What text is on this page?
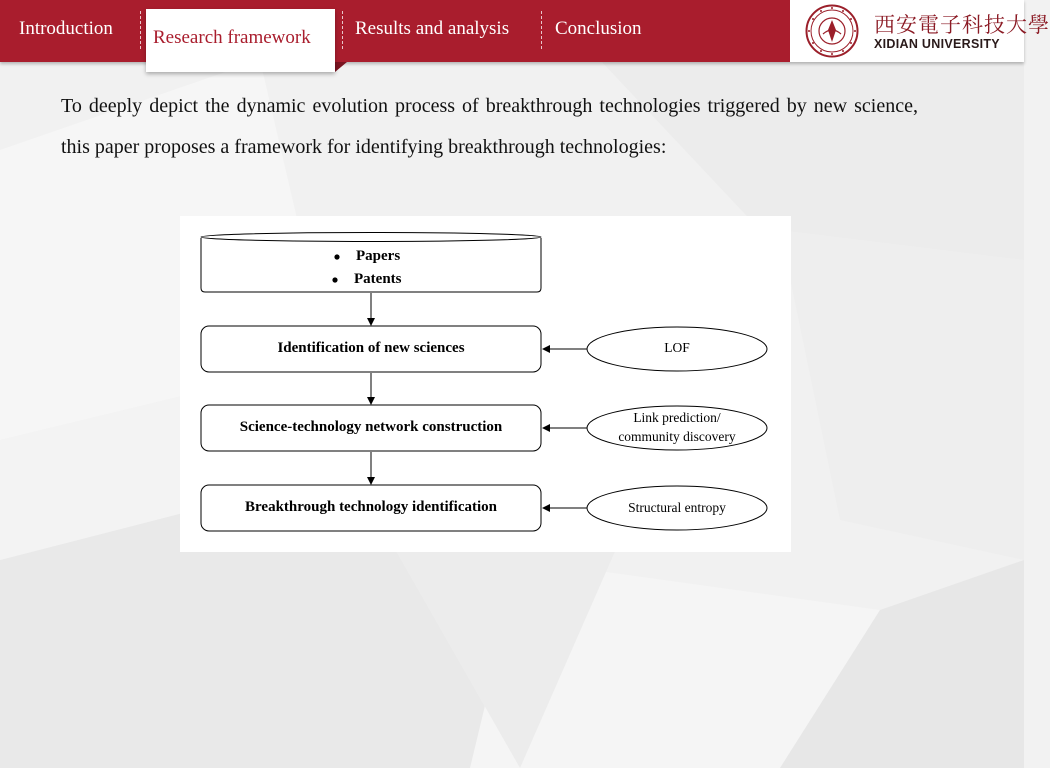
Introduction	Results and analysis Conclusion
Research framework
西安電子科技大學
XIDIAN UNIVERSITY
To deeply depict the dynamic evolution process of breakthrough technologies triggered by new science, this paper proposes a framework for identifying breakthrough technologies:
Papers
Patents
Identification of new sciences
Science-technology network construction
Breakthrough technology identification
LOF
Link prediction/
community discovery
Structural entropy
